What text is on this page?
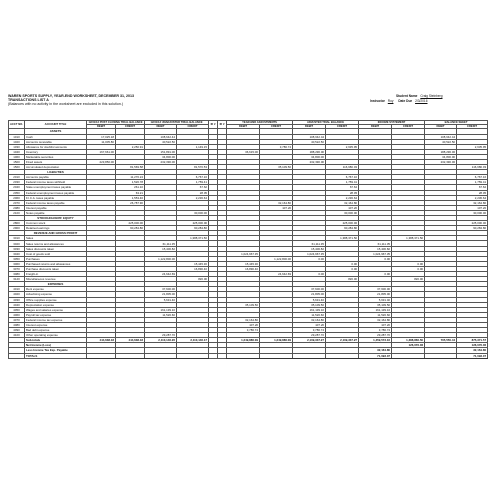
WAREN SPORTS SUPPLY, YEAR-END WORKSHEET, DECEMBER 31, 2013
TRANSACTIONS LIST A
(Balances with no activity in the worksheet are excluded in this solution.)
Student Name Craig Steinberg
Instructor Roy Date Due 2/3/2016
ACCT NO.	ACCOUNT TITLE	12/31/12 POST CLOSING TRIAL BALANCE		12/31/13 UNADJUSTED TRIAL BALANCE		ID #	ID #	YEAR-END ADJUSTMENTS		ADJUSTED TRIAL BALANCE		INCOME STATEMENT		BALANCE SHEET	
		DEBIT	CREDIT	DEBIT	CREDIT			DEBIT	CREDIT	DEBIT	CREDIT	DEBIT	CREDIT	DEBIT	CREDIT
	ASSETS														
1010	Cash	17,025.18		108,642.44						108,642.44				108,642.44	
1020	Accounts receivable	11,005.80		40,522.50						40,522.50				40,522.50	
1030	Allowance for doubtful accounts		2,250.91		1,149.15				3,786.74		2,635.95				2,635.95
1040	Inventory	167,661.00		151,891.00				36,615.00		188,296.00				188,296.00	
1060	Marketable securities			34,800.00						34,800.00				34,800.00	
1500	Fixed assets	223,850.00		232,390.00						232,390.00				232,390.00	
1560	Accumulated depreciation		81,569.58		81,570.53				35,109.50		116,680.03				116,680.03
	LIABILITIES														
2010	Accounts payable		11,276.24		6,767.16						6,767.16				6,767.16
2030	Federal income taxes withheld		1,526.78		1,759.41						1,759.41				1,759.41
2040	State unemployment taxes payable		261.10		67.62						67.62				67.62
2050	Federal unemployment taxes payable		63.21		28.05						28.05				28.05
2060	F.I.C.A. taxes payable		1,553.46		2,236.64						2,236.64				2,236.64
2070	Federal income taxes payable		26,787.90						32,164.80		32,164.80				32,164.80
2080	Interest payable								107.20		107.20				107.20
2100	Notes payable				30,000.00						30,000.00				30,000.00
	STOCKHOLDERS' EQUITY														
2800	Common stock		225,000.00		225,000.00						225,000.00				225,000.00
2900	Retained earnings		90,284.80		90,284.80						90,284.80				90,284.80
	REVENUE AND GROSS PROFIT														
3010	Sales				1,388,371.50						1,388,371.50		1,388,371.50		
3020	Sales returns and allowances			61,111.35						61,111.35		61,111.35			
3030	Sales discounts taken			15,406.82						15,406.82		15,406.82			
3040	Cost of goods sold							1,024,967.35		1,024,967.35		1,024,967.35			
3050	Purchases			1,122,800.00					1,122,800.00	0.00		0.00			
3060	Purchased returns and allowances				15,445.30			15,445.30			0.00		0.00		
3070	Purchase discounts taken				16,890.40			16,890.40			0.00		0.00		
3080	Freight-in			24,642.69					24,642.69	0.00		0.00			
3120	Miscellaneous revenue				820.00						820.00		820.00		
	EXPENSES														
4010	Rent expense			37,600.00						37,600.00		37,600.00			
4020	Advertising expense			21,805.00						21,805.00		21,805.00			
4030	Office supplies expense			5,631.40						5,631.40		5,631.40			
4040	Depreciation expense							35,109.50		35,109.50		35,109.50			
4050	Wages and salaries expense			161,139.10						161,139.10		161,139.10			
4060	Payroll tax expense			11,526.60						11,526.60		11,526.60			
4070	Federal income tax expense							32,164.80		32,164.80		32,164.80			
4080	Interest expense							107.20		107.20		107.20			
4090	Bad debt expense							3,786.74		3,786.74		3,786.74			
4100	Other operating expense			29,287.70						29,287.70		29,287.70			
	Sub-totals	444,638.18	444,638.18	2,110,146.26	2,110,146.17			1,249,886.09	1,249,886.09	2,109,337.27	2,109,337.27	1,459,573.16	1,388,866.50	705,550.44	875,371.57
	Net Income (Loss)												126,076.06		126,076.06
	Less Income Tax Exp. Payable											32,164.80			32,164.80
	TOTALS											71,093.07			71,093.07
